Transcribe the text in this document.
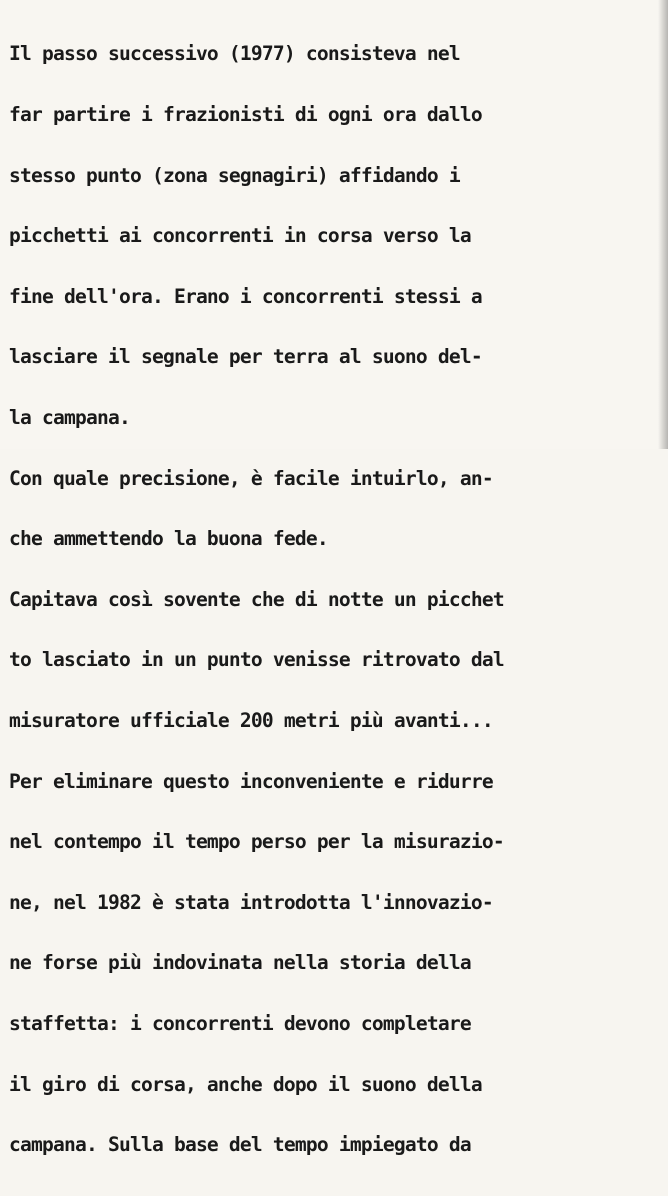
Il passo successivo (1977) consisteva nel

far partire i frazionisti di ogni ora dallo

stesso punto (zona segnagiri) affidando i

picchetti ai concorrenti in corsa verso la

fine dell'ora. Erano i concorrenti stessi a

lasciare il segnale per terra al suono del-

la campana.

Con quale precisione, è facile intuirlo, an-

che ammettendo la buona fede.

Capitava così sovente che di notte un picchet

to lasciato in un punto venisse ritrovato dal

misuratore ufficiale 200 metri più avanti...

Per eliminare questo inconveniente e ridurre

nel contempo il tempo perso per la misurazio-

ne, nel 1982 è stata introdotta l'innovazio-

ne forse più indovinata nella storia della

staffetta: i concorrenti devono completare

il giro di corsa, anche dopo il suono della

campana. Sulla base del tempo impiegato da
